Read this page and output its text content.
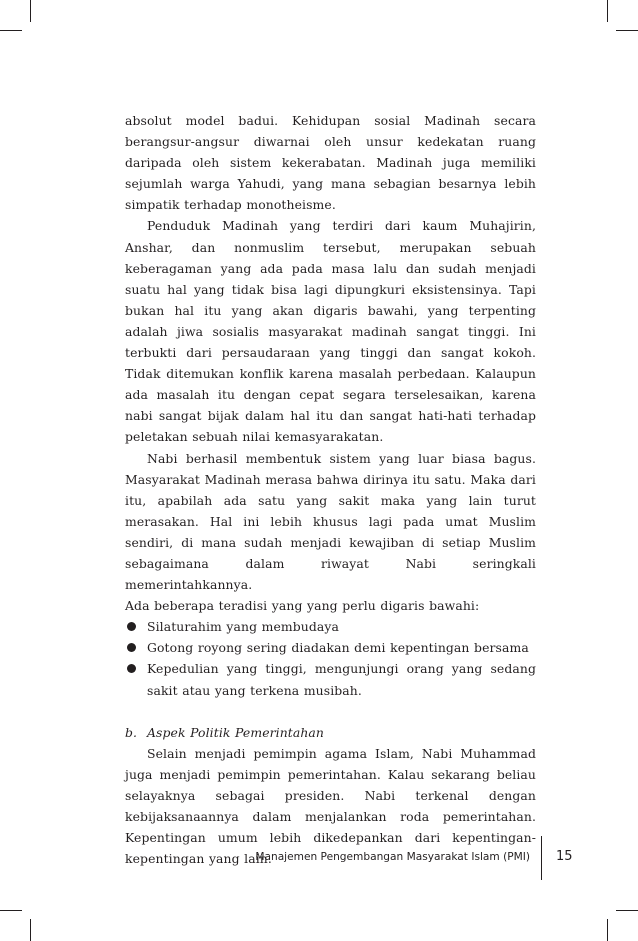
absolut model badui. Kehidupan sosial Madinah secara berangsur-angsur diwarnai oleh unsur kedekatan ruang daripada oleh sistem kekerabatan. Madinah juga memiliki sejumlah warga Yahudi, yang mana sebagian besarnya lebih simpatik terhadap monotheisme.

Penduduk Madinah yang terdiri dari kaum Muhajirin, Anshar, dan nonmuslim tersebut, merupakan sebuah keberagaman yang ada pada masa lalu dan sudah menjadi suatu hal yang tidak bisa lagi dipungkuri eksistensinya. Tapi bukan hal itu yang akan digaris bawahi, yang terpenting adalah jiwa sosialis masyarakat madinah sangat tinggi. Ini terbukti dari persaudaraan yang tinggi dan sangat kokoh. Tidak ditemukan konflik karena masalah perbedaan. Kalaupun ada masalah itu dengan cepat segara terselesaikan, karena nabi sangat bijak dalam hal itu dan sangat hati-hati terhadap peletakan sebuah nilai kemasyarakatan.

Nabi berhasil membentuk sistem yang luar biasa bagus. Masyarakat Madinah merasa bahwa dirinya itu satu. Maka dari itu, apabilah ada satu yang sakit maka yang lain turut merasakan. Hal ini lebih khusus lagi pada umat Muslim sendiri, di mana sudah menjadi kewajiban di setiap Muslim sebagaimana dalam riwayat Nabi seringkali memerintahkannya.

Ada beberapa teradisi yang yang perlu digaris bawahi:

Silaturahim yang membudaya
Gotong royong sering diadakan demi kepentingan bersama
Kepedulian yang tinggi, mengunjungi orang yang sedang sakit atau yang terkena musibah.

b. Aspek Politik Pemerintahan

Selain menjadi pemimpin agama Islam, Nabi Muhammad juga menjadi pemimpin pemerintahan. Kalau sekarang beliau selayaknya sebagai presiden. Nabi terkenal dengan kebijaksanaannya dalam menjalankan roda pemerintahan. Kepentingan umum lebih dikedepankan dari kepentingan-kepentingan yang lain.

Manajemen Pengembangan Masyarakat Islam (PMI) 15
